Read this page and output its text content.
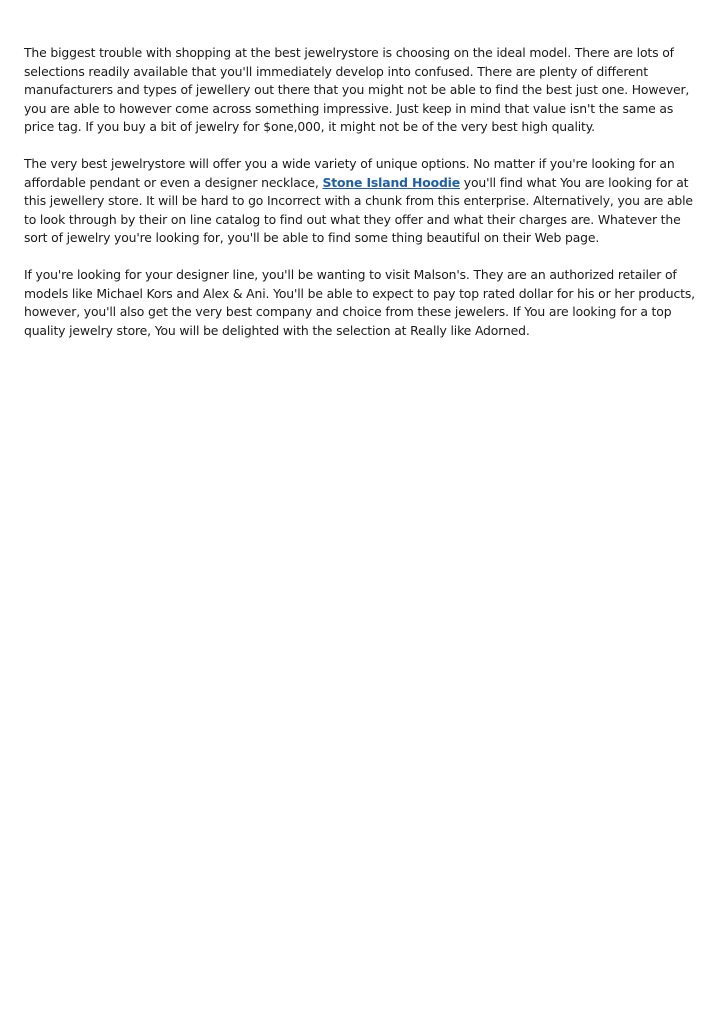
The biggest trouble with shopping at the best jewelrystore is choosing on the ideal model. There are lots of selections readily available that you'll immediately develop into confused. There are plenty of different manufacturers and types of jewellery out there that you might not be able to find the best just one. However, you are able to however come across something impressive. Just keep in mind that value isn't the same as price tag. If you buy a bit of jewelry for $one,000, it might not be of the very best high quality.

The very best jewelrystore will offer you a wide variety of unique options. No matter if you're looking for an affordable pendant or even a designer necklace, Stone Island Hoodie you'll find what You are looking for at this jewellery store. It will be hard to go Incorrect with a chunk from this enterprise. Alternatively, you are able to look through by their on line catalog to find out what they offer and what their charges are. Whatever the sort of jewelry you're looking for, you'll be able to find some thing beautiful on their Web page.

If you're looking for your designer line, you'll be wanting to visit Malson's. They are an authorized retailer of models like Michael Kors and Alex & Ani. You'll be able to expect to pay top rated dollar for his or her products, however, you'll also get the very best company and choice from these jewelers. If You are looking for a top quality jewelry store, You will be delighted with the selection at Really like Adorned.
